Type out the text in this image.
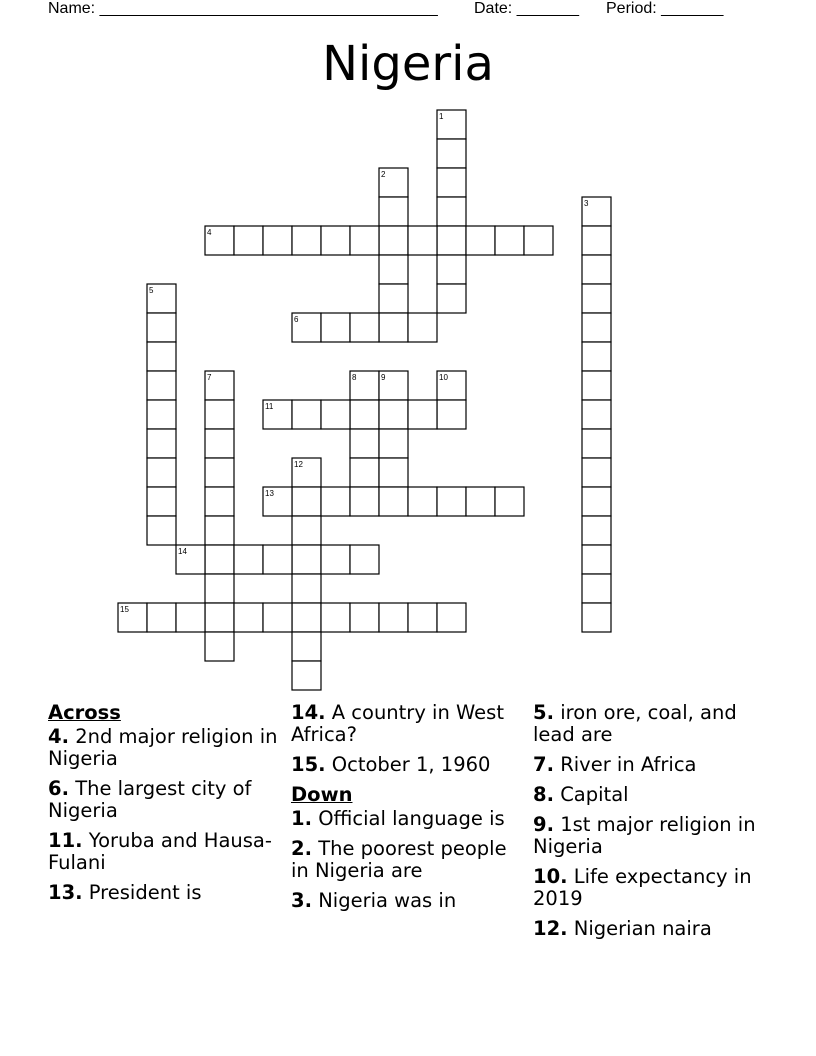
Name: ______________________________________ Date: _______ Period: _______
Nigeria
1
2
3
4
5
6
7	8	9	10
11
12
13
14
15
Across
4. 2nd major religion in Nigeria
6. The largest city of Nigeria
11. Yoruba and Hausa-Fulani
13. President is
14. A country in West Africa?
15. October 1, 1960
Down
1. Official language is
2. The poorest people in Nigeria are
3. Nigeria was in
5. iron ore, coal, and lead are
7. River in Africa
8. Capital
9. 1st major religion in Nigeria
10. Life expectancy in 2019
12. Nigerian naira
